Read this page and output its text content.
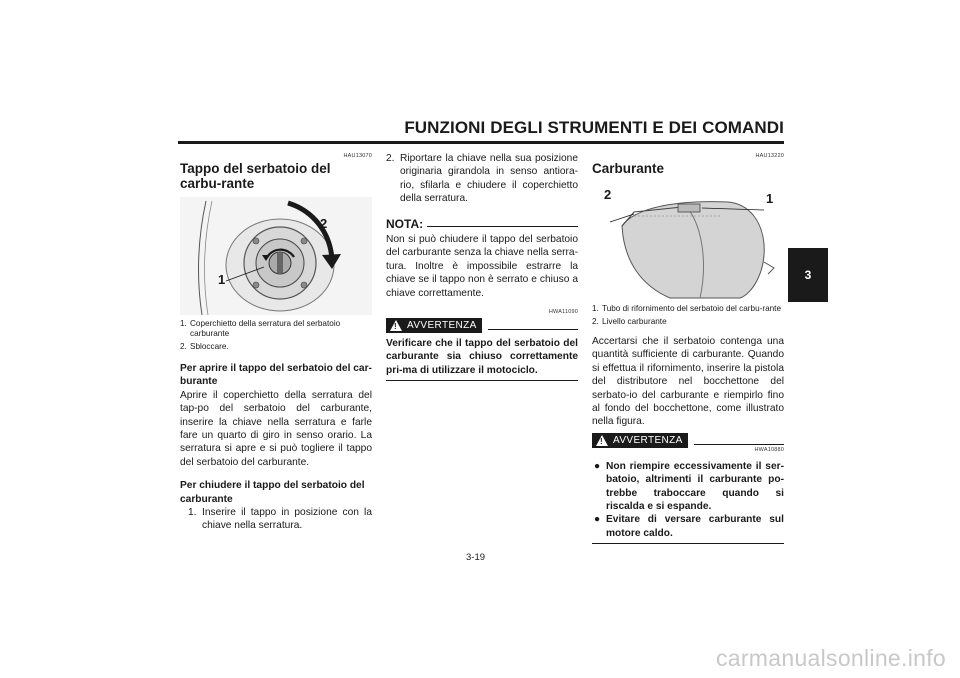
FUNZIONI DEGLI STRUMENTI E DEI COMANDI
3
HAU13070
Tappo del serbatoio del carbu-rante
1
2
1. Coperchietto della serratura del serbatoio carburante
2. Sbloccare.
Per aprire il tappo del serbatoio del car-burante
Aprire il coperchietto della serratura del tap-po del serbatoio del carburante, inserire la chiave nella serratura e farle fare un quarto di giro in senso orario. La serratura si apre e si può togliere il tappo del serbatoio del carburante.
Per chiudere il tappo del serbatoio del carburante
1. Inserire il tappo in posizione con la chiave nella serratura.
2. Riportare la chiave nella sua posizione originaria girandola in senso antiora-rio, sfilarla e chiudere il coperchietto della serratura.
NOTA:
Non si può chiudere il tappo del serbatoio del carburante senza la chiave nella serra-tura. Inoltre è impossibile estrarre la chiave se il tappo non è serrato e chiuso a chiave correttamente.
HWA11090
! AVVERTENZA
Verificare che il tappo del serbatoio del carburante sia chiuso correttamente pri-ma di utilizzare il motociclo.
HAU13220
Carburante
2	1
1. Tubo di rifornimento del serbatoio del carbu-rante
2. Livello carburante
Accertarsi che il serbatoio contenga una quantità sufficiente di carburante. Quando si effettua il rifornimento, inserire la pistola del distributore nel bocchettone del serbato-io del carburante e riempirlo fino al fondo del bocchettone, come illustrato nella figura.
! AVVERTENZA
HWA10880
● Non riempire eccessivamente il ser-batoio, altrimenti il carburante po-trebbe traboccare quando si riscalda e si espande.
● Evitare di versare carburante sul motore caldo.
3-19
carmanualsonline.info
